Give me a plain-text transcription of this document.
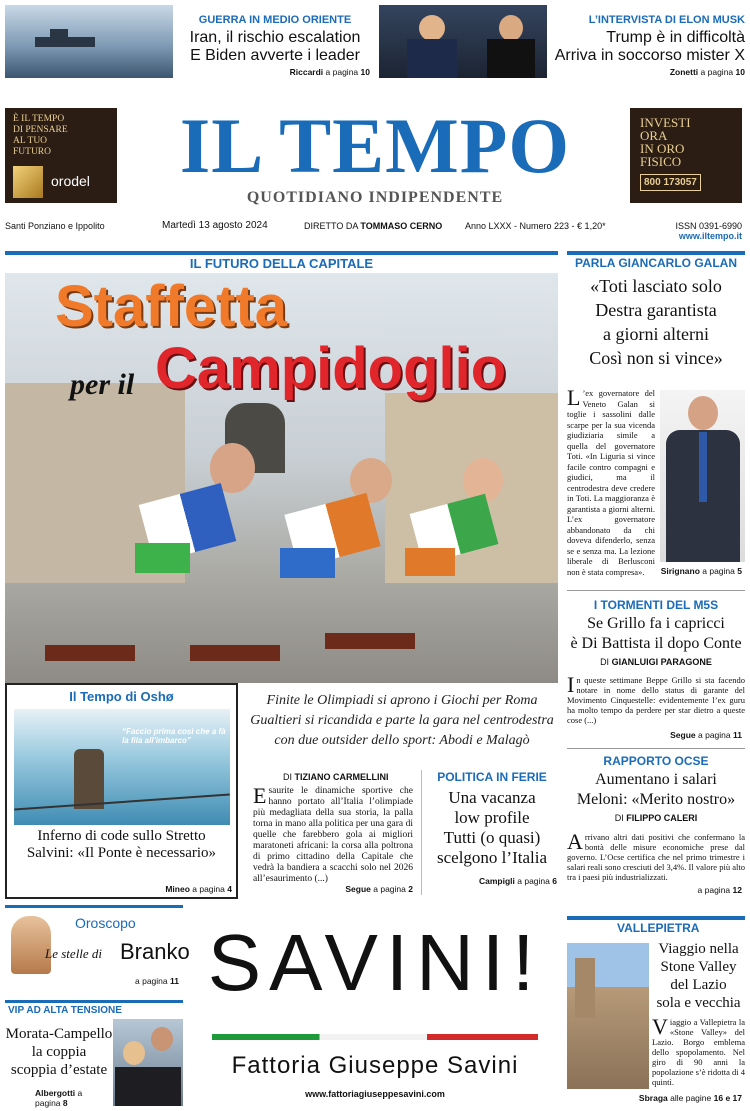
GUERRA IN MEDIO ORIENTE
Iran, il rischio escalation
E Biden avverte i leader
Riccardi a pagina 10
L’INTERVISTA DI ELON MUSK
Trump è in difficoltà
Arriva in soccorso mister X
Zonetti a pagina 10
È IL TEMPO
DI PENSARE
AL TUO
FUTURO
orodel	IL TEMPO
QUOTIDIANO INDIPENDENTE
INVESTI
ORA
IN ORO
FISICO
800 173057
Santi Ponziano e Ippolito	Martedì 13 agosto 2024	DIRETTO DA TOMMASO CERNO	Anno LXXX - Numero 223 - € 1,20*	ISSN 0391-6990
www.iltempo.it
IL FUTURO DELLA CAPITALE
Staffetta
per il Campidoglio
Il Tempo di Oshø
“Faccio prima così che a fà la fila all’imbarco”
Inferno di code sullo Stretto
Salvini: «Il Ponte è necessario»
Mineo a pagina 4
Finite le Olimpiadi si aprono i Giochi per Roma Gualtieri si ricandida e parte la gara nel centrodestra con due outsider dello sport: Abodi e Malagò
DI TIZIANO CARMELLINI
Esaurite le dinamiche sportive che hanno portato all’Italia l’olimpiade più medagliata della sua storia, la palla torna in mano alla politica per una gara di quelle che farebbero gola ai migliori maratoneti africani: la corsa alla poltrona di primo cittadino della Capitale che vedrà la bandiera a scacchi solo nel 2026 all’esaurimento (...)
Segue a pagina 2
POLITICA IN FERIE
Una vacanza
low profile
Tutti (o quasi)
scelgono l’Italia
Campigli a pagina 6
PARLA GIANCARLO GALAN
«Toti lasciato solo
Destra garantista
a giorni alterni
Così non si vince»
L ’ex governatore del Veneto Galan si toglie i sassolini dalle scarpe per la sua vicenda giudiziaria simile a quella del governatore Toti. «In Liguria si vince facile contro compagni e giudici, ma il centrodestra deve credere in Toti. La maggioranza è garantista a giorni alterni. L’ex governatore abbandonato da chi doveva difenderlo, senza se e senza ma. La lezione liberale di Berlusconi non è stata compresa».	Sirignano a pagina 5
I TORMENTI DEL M5S
Se Grillo fa i capricci
è Di Battista il dopo Conte
DI GIANLUIGI PARAGONE
In queste settimane Beppe Grillo si sta facendo notare in nome dello status di garante del Movimento Cinquestelle: evidentemente l’ex guru ha molto tempo da perdere per star dietro a queste cose (...)
Segue a pagina 11
RAPPORTO OCSE
Aumentano i salari
Meloni: «Merito nostro»
DI FILIPPO CALERI
Arrivano altri dati positivi che confermano la bontà delle misure economiche prese dal governo. L’Ocse certifica che nel primo trimestre i salari reali sono cresciuti del 3,4%. Il valore più alto tra i paesi più industrializzati.
a pagina 12
Oroscopo
Le stelle di Branko
a pagina 11
VIP AD ALTA TENSIONE
Morata-Campello
la coppia
scoppia d’estate
Albergotti a pagina 8
SAVINI!
Fattoria Giuseppe Savini
www.fattoriagiuseppesavini.com
VALLEPIETRA
Viaggio nella
Stone Valley
del Lazio
sola e vecchia
Viaggio a Vallepietra la «Stone Valley» del Lazio. Borgo emblema dello spopolamento. Nel giro di 90 anni la popolazione s’è ridotta di 4 quintì.
Sbraga alle pagine 16 e 17
